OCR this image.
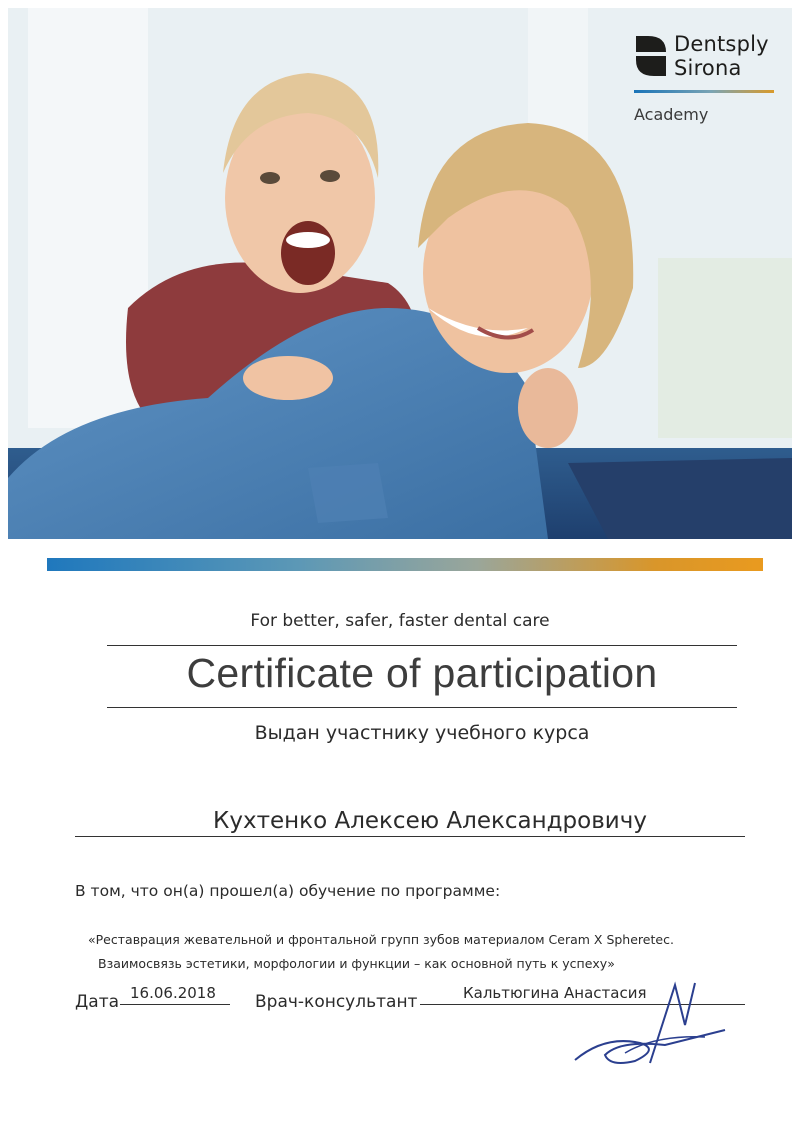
Dentsply
Sirona
Academy
For better, safer, faster dental care
Certificate of participation
Выдан участнику учебного курса
Кухтенко Алексею Александровичу
В том, что он(а) прошел(а) обучение по программе:
«Реставрация жевательной и фронтальной групп зубов материалом Ceram X Spheretec.
Взаимосвязь эстетики, морфологии и функции – как основной путь к успеху»
Дата 16.06.2018 Врач-консультант	Кальтюгина Анастасия
